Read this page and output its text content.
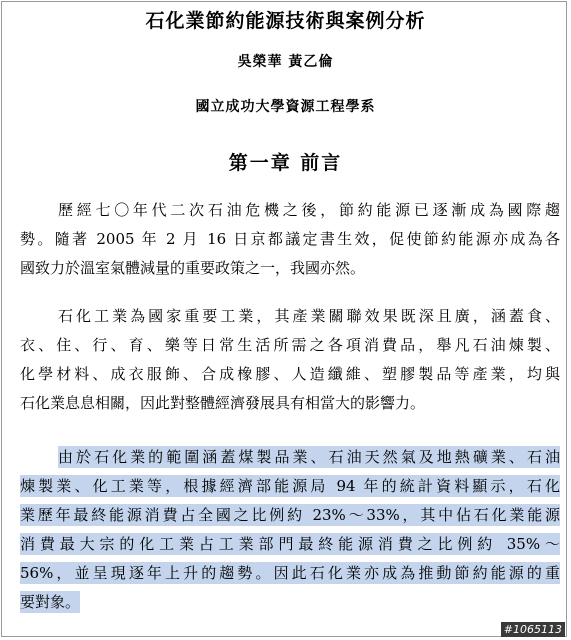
石化業節約能源技術與案例分析
吳榮華 黃乙倫
國立成功大學資源工程學系
第一章 前言
歷經七〇年代二次石油危機之後，節約能源已逐漸成為國際趨
勢。隨著 2005 年 2 月 16 日京都議定書生效，促使節約能源亦成為各
國致力於溫室氣體減量的重要政策之一，我國亦然。
石化工業為國家重要工業，其產業關聯效果既深且廣，涵蓋食、
衣、住、行、育、樂等日常生活所需之各項消費品，舉凡石油煉製、
化學材料、成衣服飾、合成橡膠、人造纖維、塑膠製品等產業，均與
石化業息息相關，因此對整體經濟發展具有相當大的影響力。
由於石化業的範圍涵蓋煤製品業、石油天然氣及地熱礦業、石油
煉製業、化工業等，根據經濟部能源局 94 年的統計資料顯示，石化
業歷年最終能源消費占全國之比例約 23%～33%，其中佔石化業能源
消費最大宗的化工業占工業部門最終能源消費之比例約 35%～
56%，並呈現逐年上升的趨勢。因此石化業亦成為推動節約能源的重
要對象。
#1065113
